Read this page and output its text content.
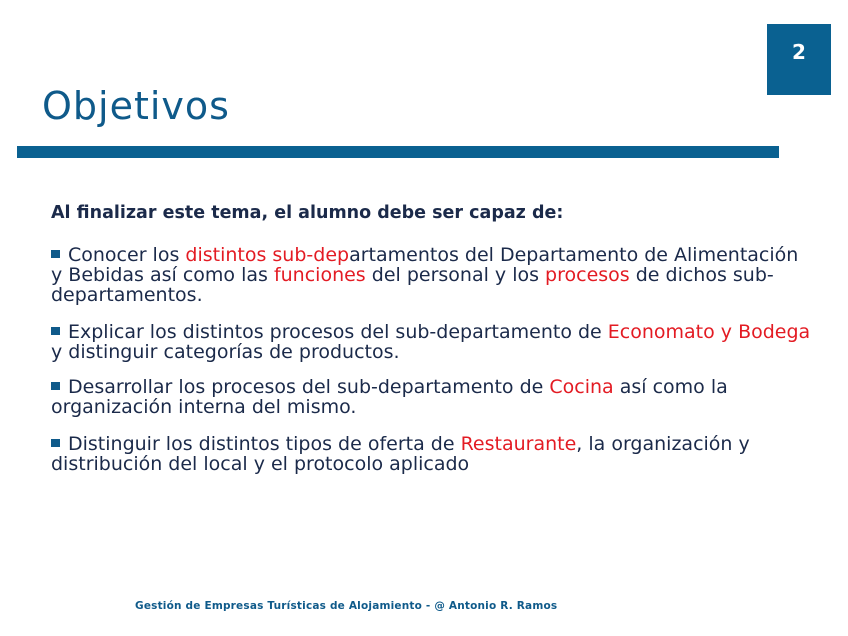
2
Objetivos

Al finalizar este tema, el alumno debe ser capaz de:

Conocer los distintos sub-departamentos del Departamento de Alimentación y Bebidas así como las funciones del personal y los procesos de dichos sub-departamentos.
Explicar los distintos procesos del sub-departamento de Economato y Bodega y distinguir categorías de productos.
Desarrollar los procesos del sub-departamento de Cocina así como la organización interna del mismo.
Distinguir los distintos tipos de oferta de Restaurante, la organización y distribución del local y el protocolo aplicado
Gestión de Empresas Turísticas de Alojamiento - @ Antonio R. Ramos
